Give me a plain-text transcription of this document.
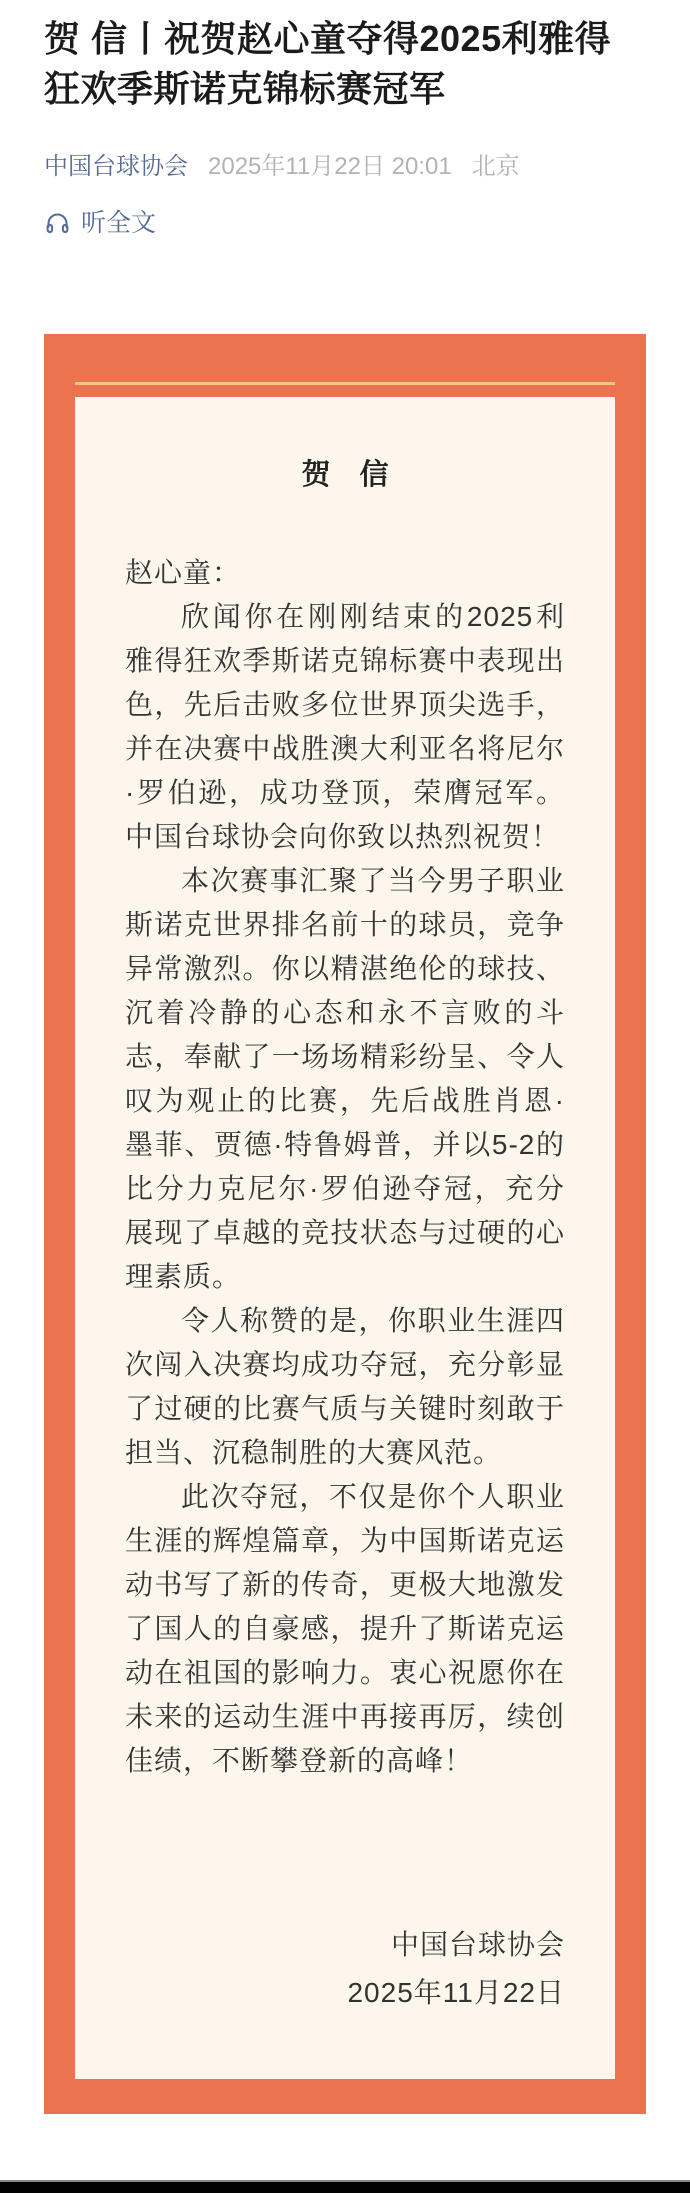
贺 信丨祝贺赵心童夺得2025利雅得狂欢季斯诺克锦标赛冠军
中国台球协会 2025年11月22日 20:01 北京
听全文
贺　信
赵心童：

欣闻你在刚刚结束的2025利雅得狂欢季斯诺克锦标赛中表现出色，先后击败多位世界顶尖选手，并在决赛中战胜澳大利亚名将尼尔·罗伯逊，成功登顶，荣膺冠军。中国台球协会向你致以热烈祝贺！

本次赛事汇聚了当今男子职业斯诺克世界排名前十的球员，竞争异常激烈。你以精湛绝伦的球技、沉着冷静的心态和永不言败的斗志，奉献了一场场精彩纷呈、令人叹为观止的比赛，先后战胜肖恩·墨菲、贾德·特鲁姆普，并以5-2的比分力克尼尔·罗伯逊夺冠，充分展现了卓越的竞技状态与过硬的心理素质。

令人称赞的是，你职业生涯四次闯入决赛均成功夺冠，充分彰显了过硬的比赛气质与关键时刻敢于担当、沉稳制胜的大赛风范。

此次夺冠，不仅是你个人职业生涯的辉煌篇章，为中国斯诺克运动书写了新的传奇，更极大地激发了国人的自豪感，提升了斯诺克运动在祖国的影响力。衷心祝愿你在未来的运动生涯中再接再厉，续创佳绩，不断攀登新的高峰！

中国台球协会
2025年11月22日
